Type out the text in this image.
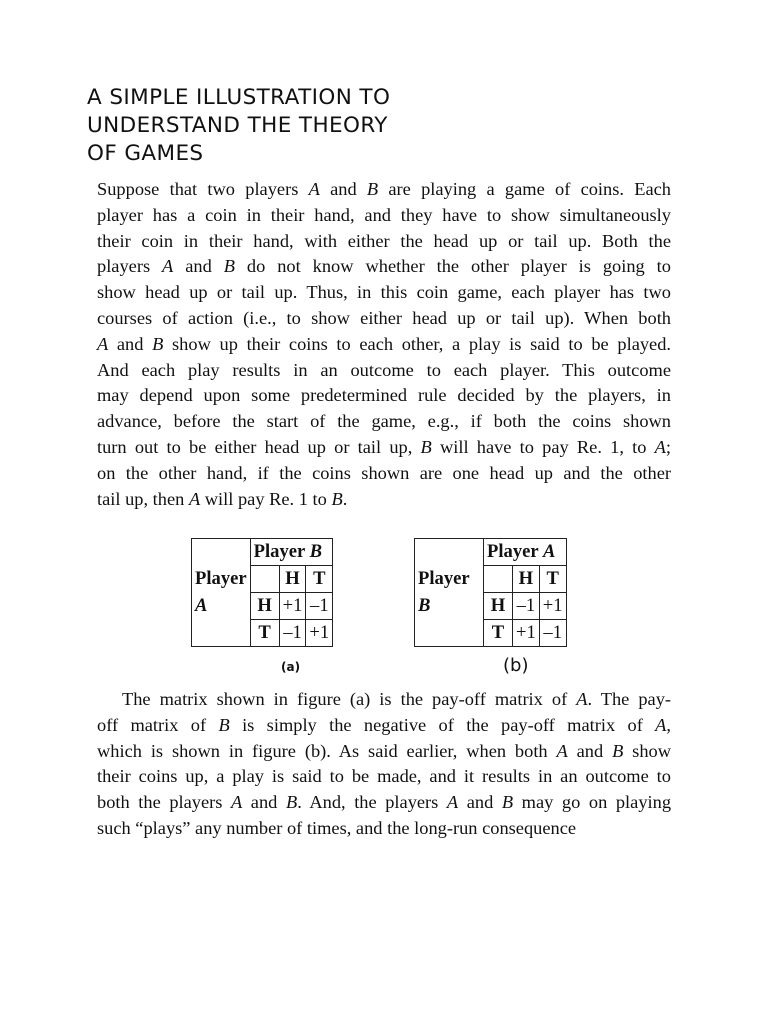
A SIMPLE ILLUSTRATION TO
UNDERSTAND THE THEORY
OF GAMES

Suppose that two players A and B are playing a game of coins. Each
player has a coin in their hand, and they have to show simultaneously
their coin in their hand, with either the head up or tail up. Both the
players A and B do not know whether the other player is going to
show head up or tail up. Thus, in this coin game, each player has two
courses of action (i.e., to show either head up or tail up). When both
A and B show up their coins to each other, a play is said to be played.
And each play results in an outcome to each player. This outcome
may depend upon some predetermined rule decided by the players, in
advance, before the start of the game, e.g., if both the coins shown
turn out to be either head up or tail up, B will have to pay Re. 1, to A;
on the other hand, if the coins shown are one head up and the other
tail up, then A will pay Re. 1 to B.

	Player B		
Player		H	T
A	H	+1	–1
	T	–1	+1
	Player A		
Player		H	T
B	H	–1	+1
	T	+1	–1
(a)	(b)

The matrix shown in figure (a) is the pay-off matrix of A. The pay-
off matrix of B is simply the negative of the pay-off matrix of A,
which is shown in figure (b). As said earlier, when both A and B show
their coins up, a play is said to be made, and it results in an outcome to
both the players A and B. And, the players A and B may go on playing
such “plays” any number of times, and the long-run consequence
